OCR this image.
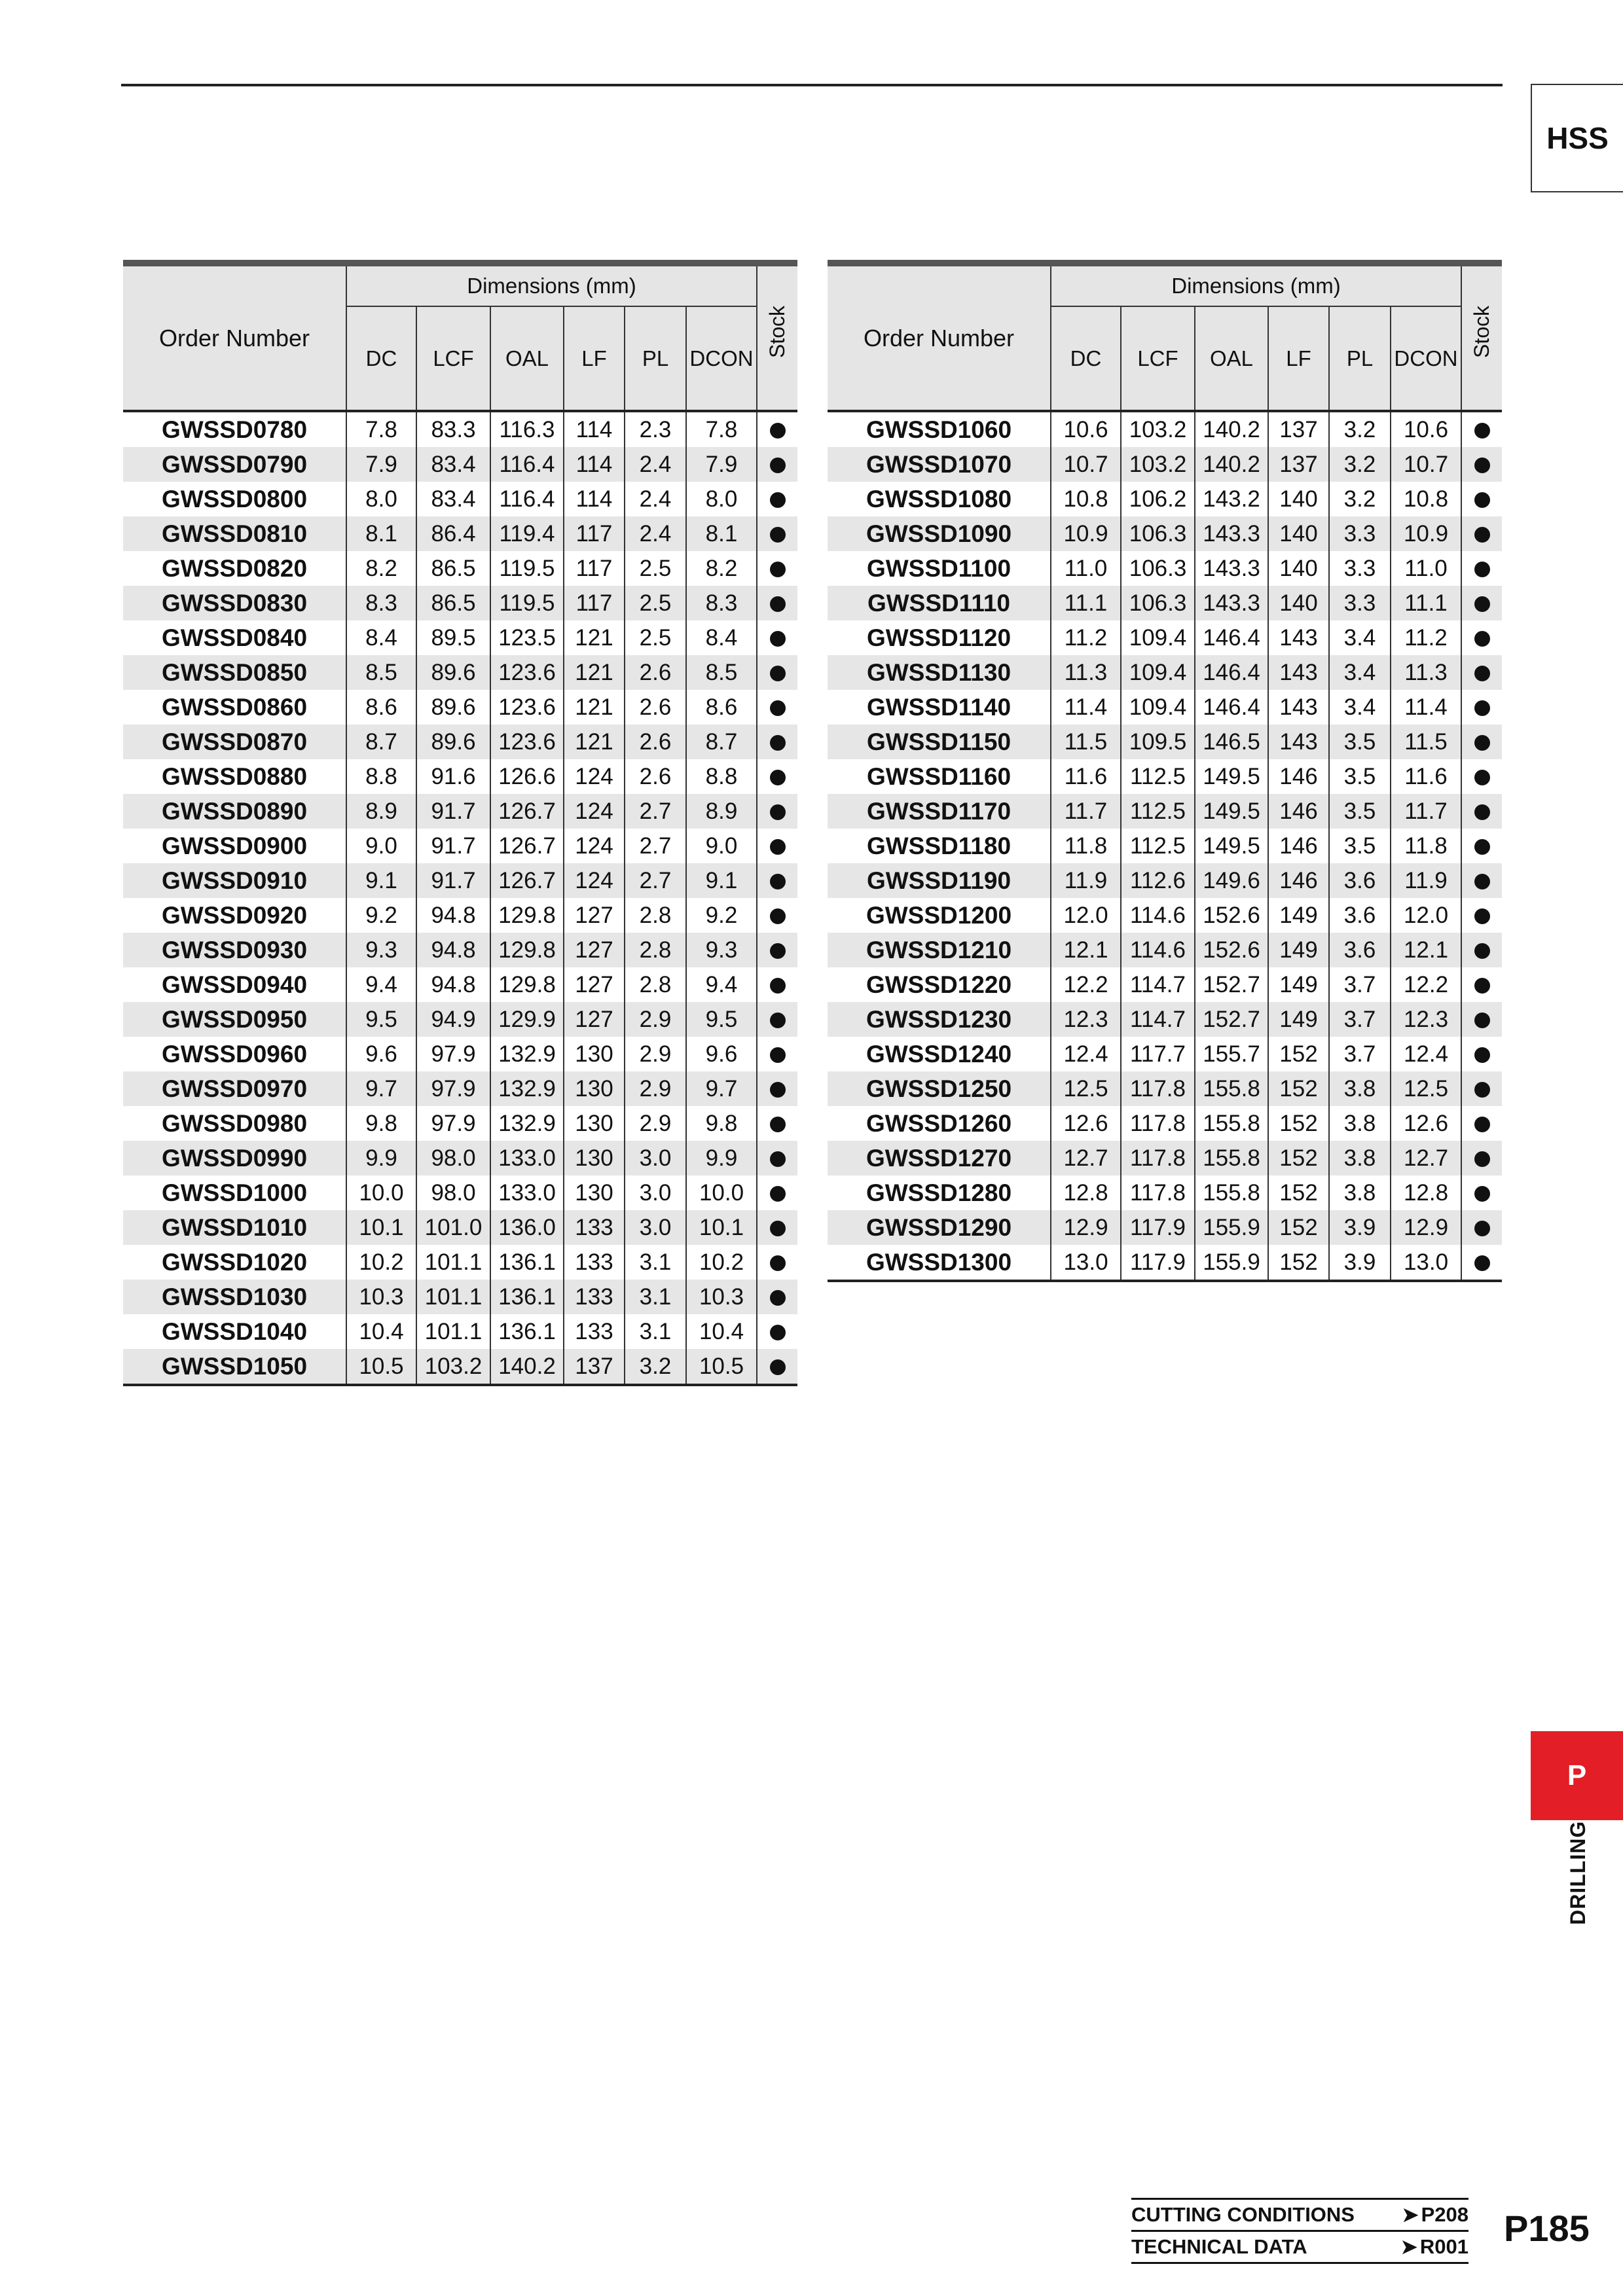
HSS
Order Number	Dimensions (mm)						Stock

	DC	LCF	OAL	LF	PL	DCON	
GWSSD0780	7.8	83.3	116.3	114	2.3	7.8	
GWSSD0790	7.9	83.4	116.4	114	2.4	7.9	
GWSSD0800	8.0	83.4	116.4	114	2.4	8.0	
GWSSD0810	8.1	86.4	119.4	117	2.4	8.1	
GWSSD0820	8.2	86.5	119.5	117	2.5	8.2	
GWSSD0830	8.3	86.5	119.5	117	2.5	8.3	
GWSSD0840	8.4	89.5	123.5	121	2.5	8.4	
GWSSD0850	8.5	89.6	123.6	121	2.6	8.5	
GWSSD0860	8.6	89.6	123.6	121	2.6	8.6	
GWSSD0870	8.7	89.6	123.6	121	2.6	8.7	
GWSSD0880	8.8	91.6	126.6	124	2.6	8.8	
GWSSD0890	8.9	91.7	126.7	124	2.7	8.9	
GWSSD0900	9.0	91.7	126.7	124	2.7	9.0	
GWSSD0910	9.1	91.7	126.7	124	2.7	9.1	
GWSSD0920	9.2	94.8	129.8	127	2.8	9.2	
GWSSD0930	9.3	94.8	129.8	127	2.8	9.3	
GWSSD0940	9.4	94.8	129.8	127	2.8	9.4	
GWSSD0950	9.5	94.9	129.9	127	2.9	9.5	
GWSSD0960	9.6	97.9	132.9	130	2.9	9.6	
GWSSD0970	9.7	97.9	132.9	130	2.9	9.7	
GWSSD0980	9.8	97.9	132.9	130	2.9	9.8	
GWSSD0990	9.9	98.0	133.0	130	3.0	9.9	
GWSSD1000	10.0	98.0	133.0	130	3.0	10.0	
GWSSD1010	10.1	101.0	136.0	133	3.0	10.1	
GWSSD1020	10.2	101.1	136.1	133	3.1	10.2	
GWSSD1030	10.3	101.1	136.1	133	3.1	10.3	
GWSSD1040	10.4	101.1	136.1	133	3.1	10.4	
GWSSD1050	10.5	103.2	140.2	137	3.2	10.5	
Order Number	Dimensions (mm)						Stock

	DC	LCF	OAL	LF	PL	DCON	
GWSSD1060	10.6	103.2	140.2	137	3.2	10.6	
GWSSD1070	10.7	103.2	140.2	137	3.2	10.7	
GWSSD1080	10.8	106.2	143.2	140	3.2	10.8	
GWSSD1090	10.9	106.3	143.3	140	3.3	10.9	
GWSSD1100	11.0	106.3	143.3	140	3.3	11.0	
GWSSD1110	11.1	106.3	143.3	140	3.3	11.1	
GWSSD1120	11.2	109.4	146.4	143	3.4	11.2	
GWSSD1130	11.3	109.4	146.4	143	3.4	11.3	
GWSSD1140	11.4	109.4	146.4	143	3.4	11.4	
GWSSD1150	11.5	109.5	146.5	143	3.5	11.5	
GWSSD1160	11.6	112.5	149.5	146	3.5	11.6	
GWSSD1170	11.7	112.5	149.5	146	3.5	11.7	
GWSSD1180	11.8	112.5	149.5	146	3.5	11.8	
GWSSD1190	11.9	112.6	149.6	146	3.6	11.9	
GWSSD1200	12.0	114.6	152.6	149	3.6	12.0	
GWSSD1210	12.1	114.6	152.6	149	3.6	12.1	
GWSSD1220	12.2	114.7	152.7	149	3.7	12.2	
GWSSD1230	12.3	114.7	152.7	149	3.7	12.3	
GWSSD1240	12.4	117.7	155.7	152	3.7	12.4	
GWSSD1250	12.5	117.8	155.8	152	3.8	12.5	
GWSSD1260	12.6	117.8	155.8	152	3.8	12.6	
GWSSD1270	12.7	117.8	155.8	152	3.8	12.7	
GWSSD1280	12.8	117.8	155.8	152	3.8	12.8	
GWSSD1290	12.9	117.9	155.9	152	3.9	12.9	
GWSSD1300	13.0	117.9	155.9	152	3.9	13.0	
P
DRILLING
CUTTING CONDITIONS	➤ P208
TECHNICAL DATA	➤ R001 P185
